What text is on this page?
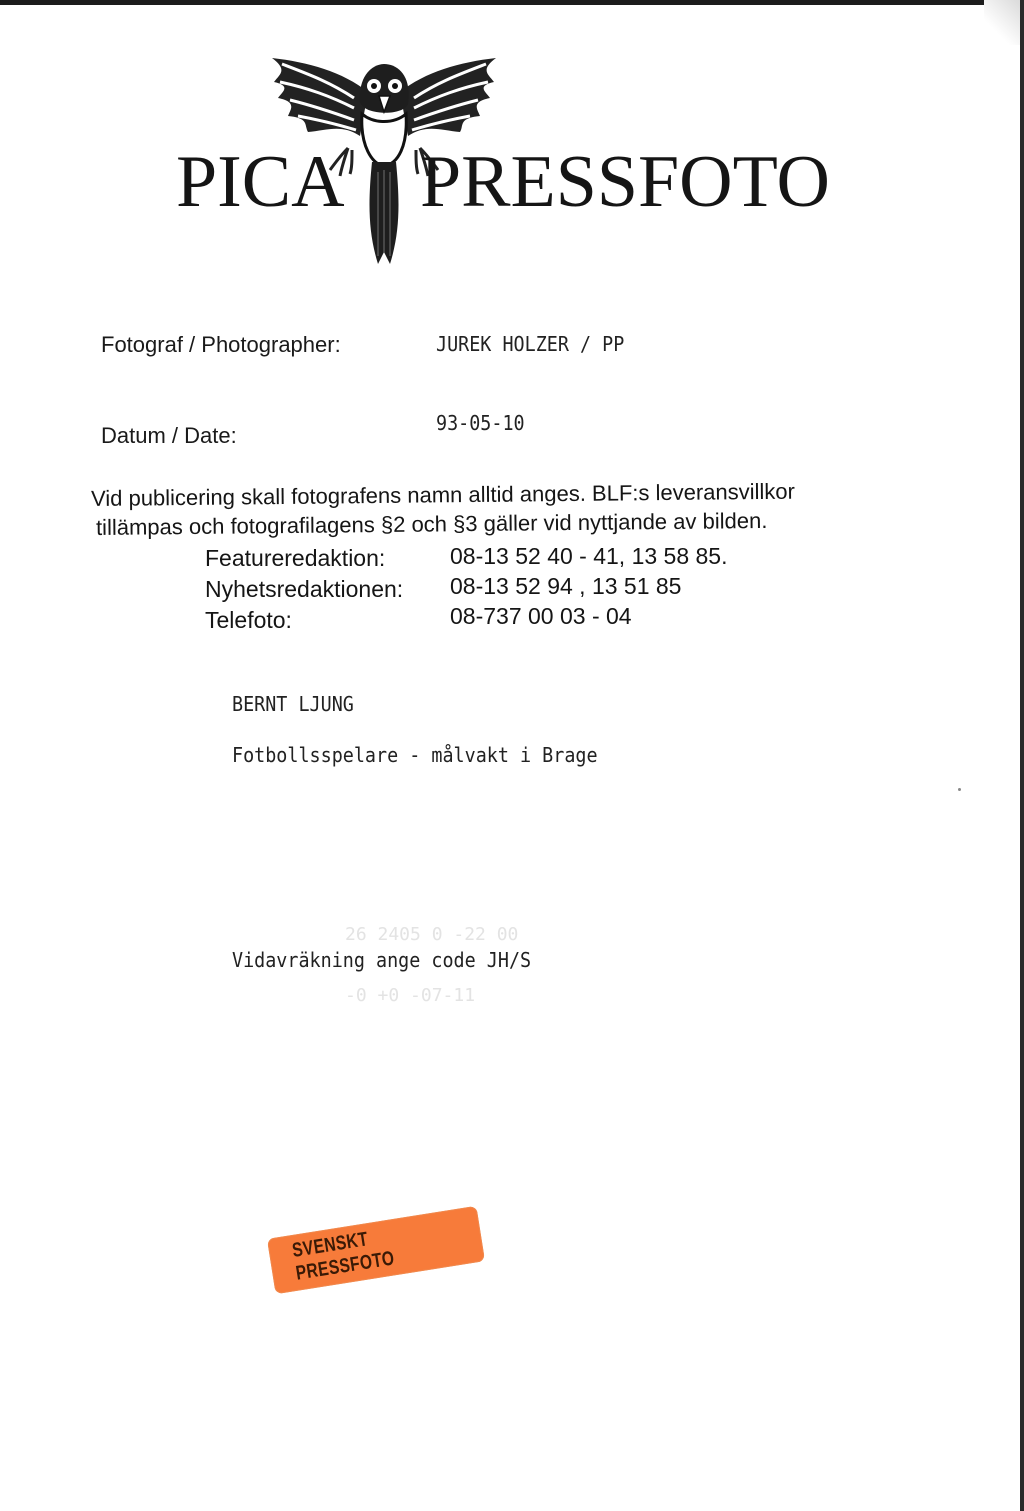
PICA PRESSFOTO
Fotograf / Photographer:	JUREK HOLZER / PP
Datum / Date:	93-05-10
Vid publicering skall fotografens namn alltid anges. BLF:s leveransvillkor
tillämpas och fotografilagens §2 och §3 gäller vid nyttjande av bilden.
Featureredaktion:	08-13 52 40 - 41, 13 58 85.
Nyhetsredaktionen: 08-13 52 94 , 13 51 85
Telefoto:	08-737 00 03 - 04
BERNT LJUNG
Fotbollsspelare - målvakt i Brage
26 2405 0 -22 00
-0 +0 -07-11
Vidavräkning ange code JH/S
SVENSKT PRESSFOTO
